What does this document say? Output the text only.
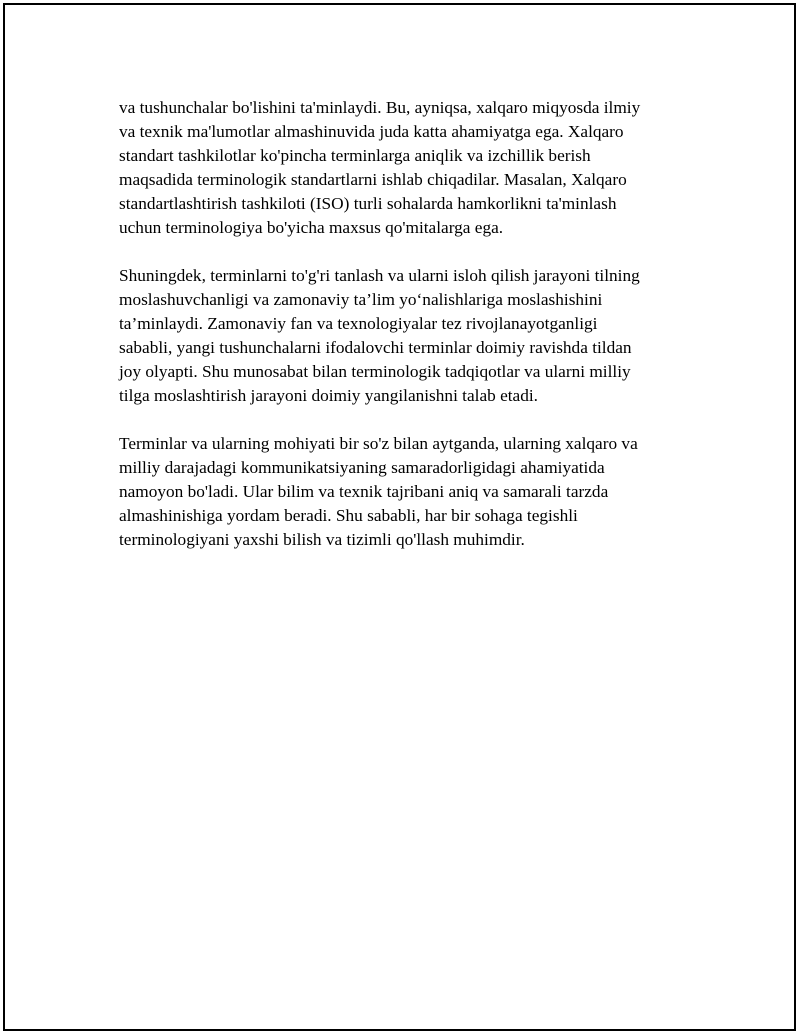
va tushunchalar bo'lishini ta'minlaydi. Bu, ayniqsa, xalqaro miqyosda ilmiy
va texnik ma'lumotlar almashinuvida juda katta ahamiyatga ega. Xalqaro
standart tashkilotlar ko'pincha terminlarga aniqlik va izchillik berish
maqsadida terminologik standartlarni ishlab chiqadilar. Masalan, Xalqaro
standartlashtirish tashkiloti (ISO) turli sohalarda hamkorlikni ta'minlash
uchun terminologiya bo'yicha maxsus qo'mitalarga ega.

Shuningdek, terminlarni to'g'ri tanlash va ularni isloh qilish jarayoni tilning
moslashuvchanligi va zamonaviy ta’lim yo‘nalishlariga moslashishini
ta’minlaydi. Zamonaviy fan va texnologiyalar tez rivojlanayotganligi
sababli, yangi tushunchalarni ifodalovchi terminlar doimiy ravishda tildan
joy olyapti. Shu munosabat bilan terminologik tadqiqotlar va ularni milliy
tilga moslashtirish jarayoni doimiy yangilanishni talab etadi.

Terminlar va ularning mohiyati bir so'z bilan aytganda, ularning xalqaro va
milliy darajadagi kommunikatsiyaning samaradorligidagi ahamiyatida
namoyon bo'ladi. Ular bilim va texnik tajribani aniq va samarali tarzda
almashinishiga yordam beradi. Shu sababli, har bir sohaga tegishli
terminologiyani yaxshi bilish va tizimli qo'llash muhimdir.
